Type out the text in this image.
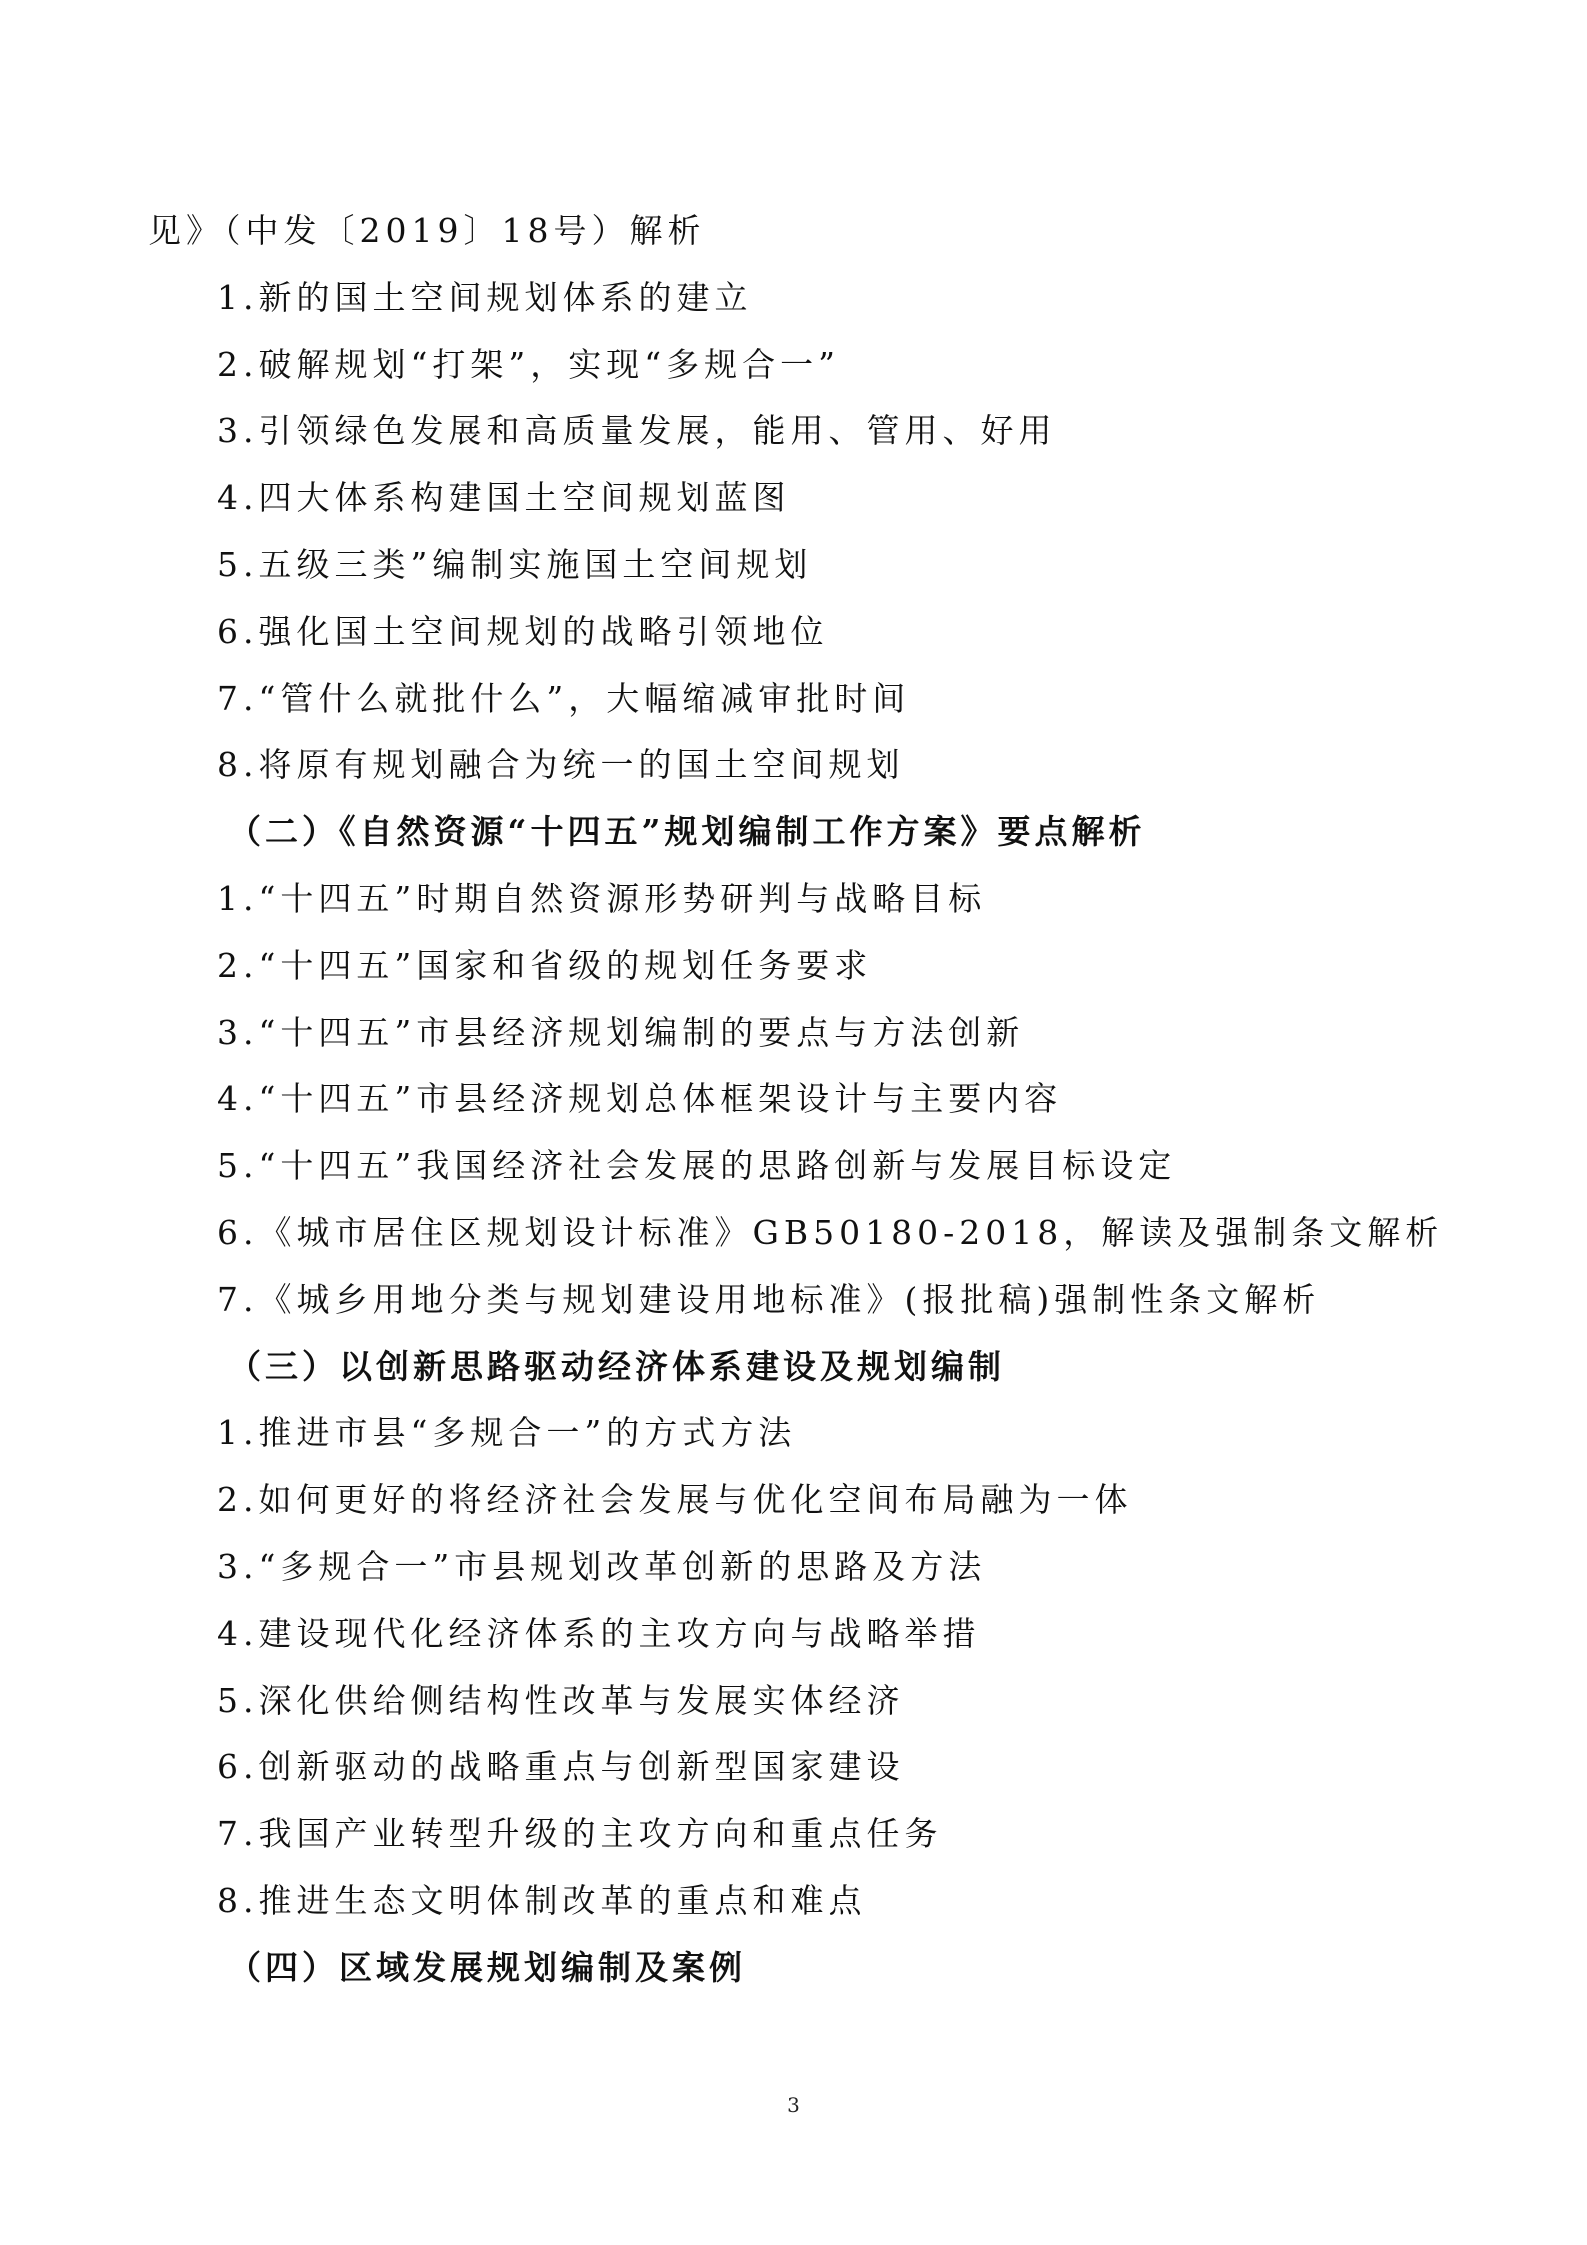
见》（中发〔2019〕18号）解析
1.新的国土空间规划体系的建立
2.破解规划“打架”，实现“多规合一”
3.引领绿色发展和高质量发展，能用、管用、好用
4.四大体系构建国土空间规划蓝图
5.五级三类”编制实施国土空间规划
6.强化国土空间规划的战略引领地位
7.“管什么就批什么”，大幅缩减审批时间
8.将原有规划融合为统一的国土空间规划
（二）《自然资源“十四五”规划编制工作方案》要点解析
1.“十四五”时期自然资源形势研判与战略目标
2.“十四五”国家和省级的规划任务要求
3.“十四五”市县经济规划编制的要点与方法创新
4.“十四五”市县经济规划总体框架设计与主要内容
5.“十四五”我国经济社会发展的思路创新与发展目标设定
6.《城市居住区规划设计标准》GB50180-2018，解读及强制条文解析
7.《城乡用地分类与规划建设用地标准》(报批稿)强制性条文解析
（三）以创新思路驱动经济体系建设及规划编制
1.推进市县“多规合一”的方式方法
2.如何更好的将经济社会发展与优化空间布局融为一体
3.“多规合一”市县规划改革创新的思路及方法
4.建设现代化经济体系的主攻方向与战略举措
5.深化供给侧结构性改革与发展实体经济
6.创新驱动的战略重点与创新型国家建设
7.我国产业转型升级的主攻方向和重点任务
8.推进生态文明体制改革的重点和难点
（四）区域发展规划编制及案例
3
